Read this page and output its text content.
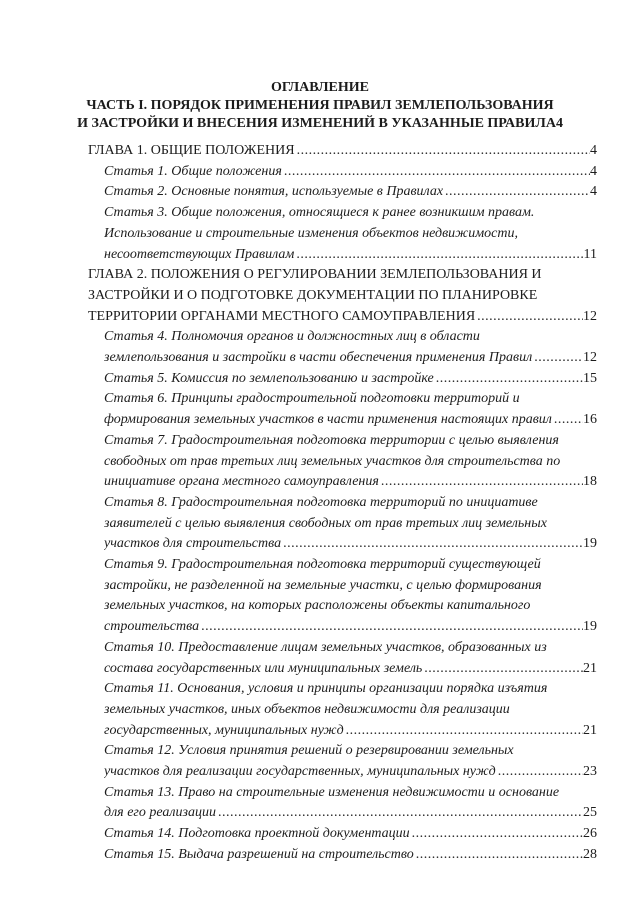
ОГЛАВЛЕНИЕ
ЧАСТЬ I. ПОРЯДОК ПРИМЕНЕНИЯ ПРАВИЛ ЗЕМЛЕПОЛЬЗОВАНИЯ
И ЗАСТРОЙКИ И ВНЕСЕНИЯ ИЗМЕНЕНИЙ В УКАЗАННЫЕ ПРАВИЛА4
ГЛАВА 1. ОБЩИЕ ПОЛОЖЕНИЯ .....	4
Статья 1. Общие положения .....	4
Статья 2. Основные понятия, используемые в Правилах .....	4
Статья 3. Общие положения, относящиеся к ранее возникшим правам.
Использование и строительные изменения объектов недвижимости,
несоответствующих Правилам .....	11
ГЛАВА 2. ПОЛОЖЕНИЯ О РЕГУЛИРОВАНИИ ЗЕМЛЕПОЛЬЗОВАНИЯ И
ЗАСТРОЙКИ И О ПОДГОТОВКЕ ДОКУМЕНТАЦИИ ПО ПЛАНИРОВКЕ
ТЕРРИТОРИИ ОРГАНАМИ МЕСТНОГО САМОУПРАВЛЕНИЯ .....	12
Статья 4. Полномочия органов и должностных лиц в области
землепользования и застройки в части обеспечения применения Правил .....	12
Статья 5. Комиссия по землепользованию и застройке .....	15
Статья 6. Принципы градостроительной подготовки территорий и
формирования земельных участков в части применения настоящих правил ..... 16
Статья 7. Градостроительная подготовка территории с целью выявления
свободных от прав третьих лиц земельных участков для строительства по
инициативе органа местного самоуправления .....	18
Статья 8. Градостроительная подготовка территорий по инициативе
заявителей с целью выявления свободных от прав третьих лиц земельных
участков для строительства .....	19
Статья 9. Градостроительная подготовка территорий существующей
застройки, не разделенной на земельные участки, с целью формирования
земельных участков, на которых расположены объекты капитального
строительства .....	19
Статья 10. Предоставление лицам земельных участков, образованных из
состава государственных или муниципальных земель .....	21
Статья 11. Основания, условия и принципы организации порядка изъятия
земельных участков, иных объектов недвижимости для реализации
государственных, муниципальных нужд .....	21
Статья 12. Условия принятия решений о резервировании земельных
участков для реализации государственных, муниципальных нужд .....	23
Статья 13. Право на строительные изменения недвижимости и основание
для его реализации .....	25
Статья 14. Подготовка проектной документации .....	26
Статья 15. Выдача разрешений на строительство .....	28
